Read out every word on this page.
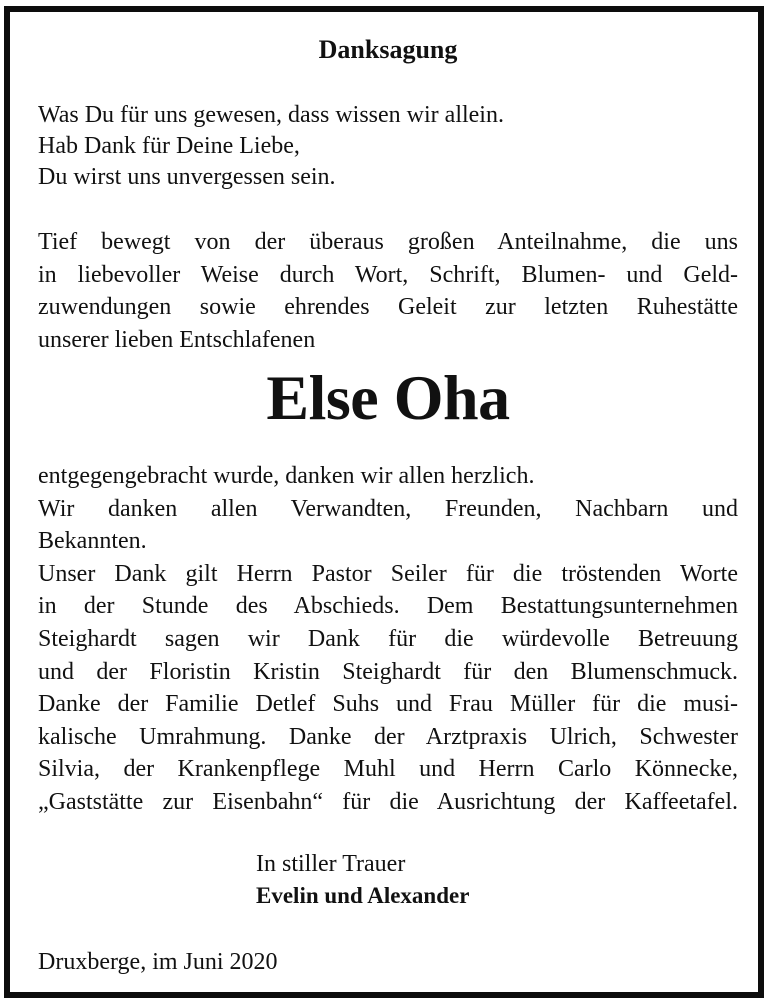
Danksagung
Was Du für uns gewesen, dass wissen wir allein.
Hab Dank für Deine Liebe,
Du wirst uns unvergessen sein.
Tief bewegt von der überaus großen Anteilnahme, die uns
in liebevoller Weise durch Wort, Schrift, Blumen- und Geld-
zuwendungen sowie ehrendes Geleit zur letzten Ruhestätte
unserer lieben Entschlafenen
Else Oha
entgegengebracht wurde, danken wir allen herzlich.
Wir danken allen Verwandten, Freunden, Nachbarn und
Bekannten.
Unser Dank gilt Herrn Pastor Seiler für die tröstenden Worte
in der Stunde des Abschieds. Dem Bestattungsunternehmen
Steighardt sagen wir Dank für die würdevolle Betreuung
und der Floristin Kristin Steighardt für den Blumenschmuck.
Danke der Familie Detlef Suhs und Frau Müller für die musi-
kalische Umrahmung. Danke der Arztpraxis Ulrich, Schwester
Silvia, der Krankenpflege Muhl und Herrn Carlo Könnecke,
„Gaststätte zur Eisenbahn“ für die Ausrichtung der Kaffeetafel.
In stiller Trauer
Evelin und Alexander
Druxberge, im Juni 2020
